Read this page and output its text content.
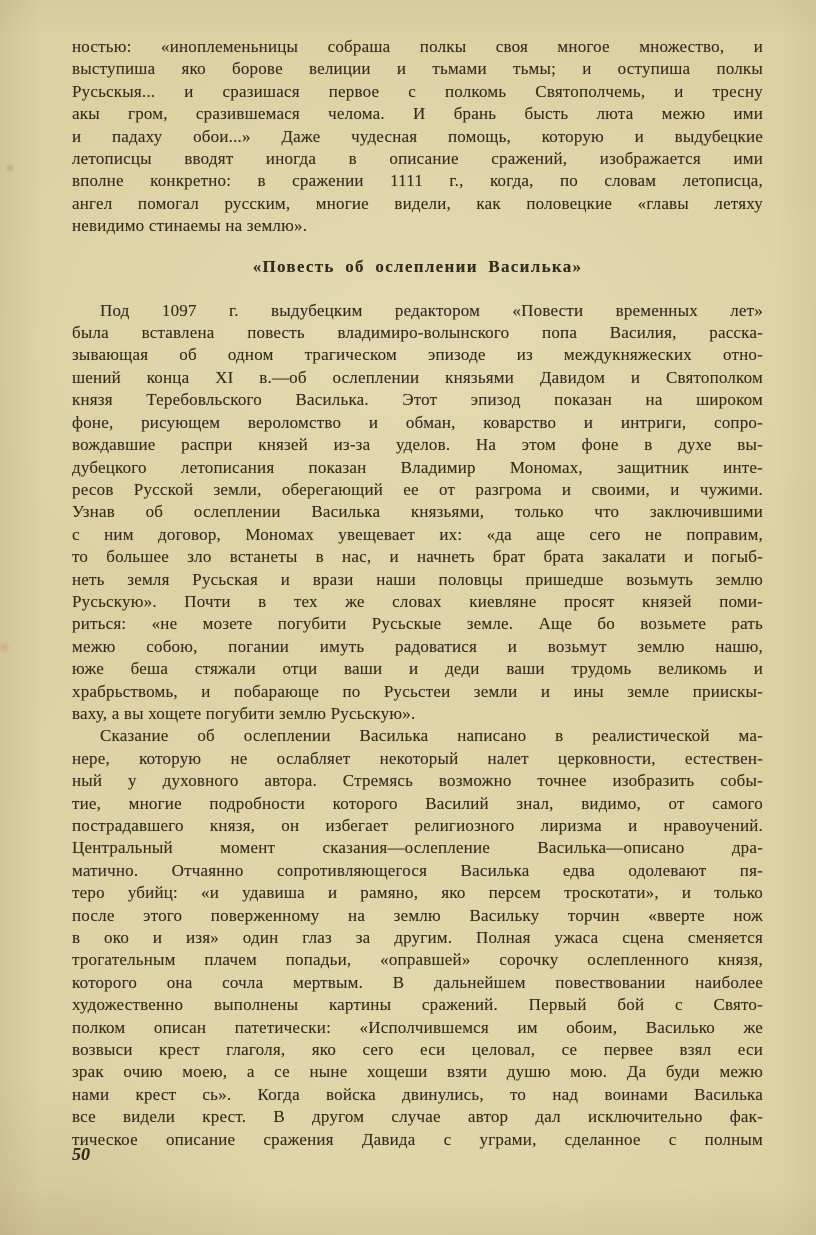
ностью: «иноплеменьницы собраша полкы своя многое множество, и
выступиша яко борове велиции и тьмами тьмы; и оступиша полкы
Русьскыя... и сразишася первое с полкомь Святополчемь, и тресну
акы гром, сразившемася челома. И брань бысть люта межю ими
и падаху обои...» Даже чудесная помощь, которую и выдубецкие
летописцы вводят иногда в описание сражений, изображается ими
вполне конкретно: в сражении 1111 г., когда, по словам летописца,
ангел помогал русским, многие видели, как половецкие «главы летяху
невидимо стинаемы на землю».
«Повесть об ослеплении Василька»
Под 1097 г. выдубецким редактором «Повести временных лет»
была вставлена повесть владимиро-волынского попа Василия, расска-
зывающая об одном трагическом эпизоде из междукняжеских отно-
шений конца XI в.—об ослеплении князьями Давидом и Святополком
князя Теребовльского Василька. Этот эпизод показан на широком
фоне, рисующем вероломство и обман, коварство и интриги, сопро-
вождавшие распри князей из-за уделов. На этом фоне в духе вы-
дубецкого летописания показан Владимир Мономах, защитник инте-
ресов Русской земли, оберегающий ее от разгрома и своими, и чужими.
Узнав об ослеплении Василька князьями, только что заключившими
с ним договор, Мономах увещевает их: «да аще сего не поправим,
то большее зло встанеты в нас, и начнеть брат брата закалати и погыб-
неть земля Русьская и врази наши половцы пришедше возьмуть землю
Русьскую». Почти в тех же словах киевляне просят князей поми-
риться: «не мозете погубити Русьскые земле. Аще бо возьмете рать
межю собою, погании имуть радоватися и возьмут землю нашю,
юже беша стяжали отци ваши и деди ваши трудомь великомь и
храбрьствомь, и побарающе по Русьстеи земли и ины земле приискы-
ваху, а вы хощете погубити землю Русьскую».
Сказание об ослеплении Василька написано в реалистической ма-
нере, которую не ослабляет некоторый налет церковности, естествен-
ный у духовного автора. Стремясь возможно точнее изобразить собы-
тие, многие подробности которого Василий знал, видимо, от самого
пострадавшего князя, он избегает религиозного лиризма и нравоучений.
Центральный момент сказания—ослепление Василька—описано дра-
матично. Отчаянно сопротивляющегося Василька едва одолевают пя-
теро убийц: «и удавиша и рамяно, яко персем троскотати», и только
после этого поверженному на землю Васильку торчин «вверте нож
в око и изя» один глаз за другим. Полная ужаса сцена сменяется
трогательным плачем попадьи, «оправшей» сорочку ослепленного князя,
которого она сочла мертвым. В дальнейшем повествовании наиболее
художественно выполнены картины сражений. Первый бой с Свято-
полком описан патетически: «Исполчившемся им обоим, Василько же
возвыси крест глаголя, яко сего еси целовал, се первее взял еси
зрак очию моею, а се ныне хощеши взяти душю мою. Да буди межю
нами крест сь». Когда войска двинулись, то над воинами Василька
все видели крест. В другом случае автор дал исключительно фак-
тическое описание сражения Давида с уграми, сделанное с полным
50
